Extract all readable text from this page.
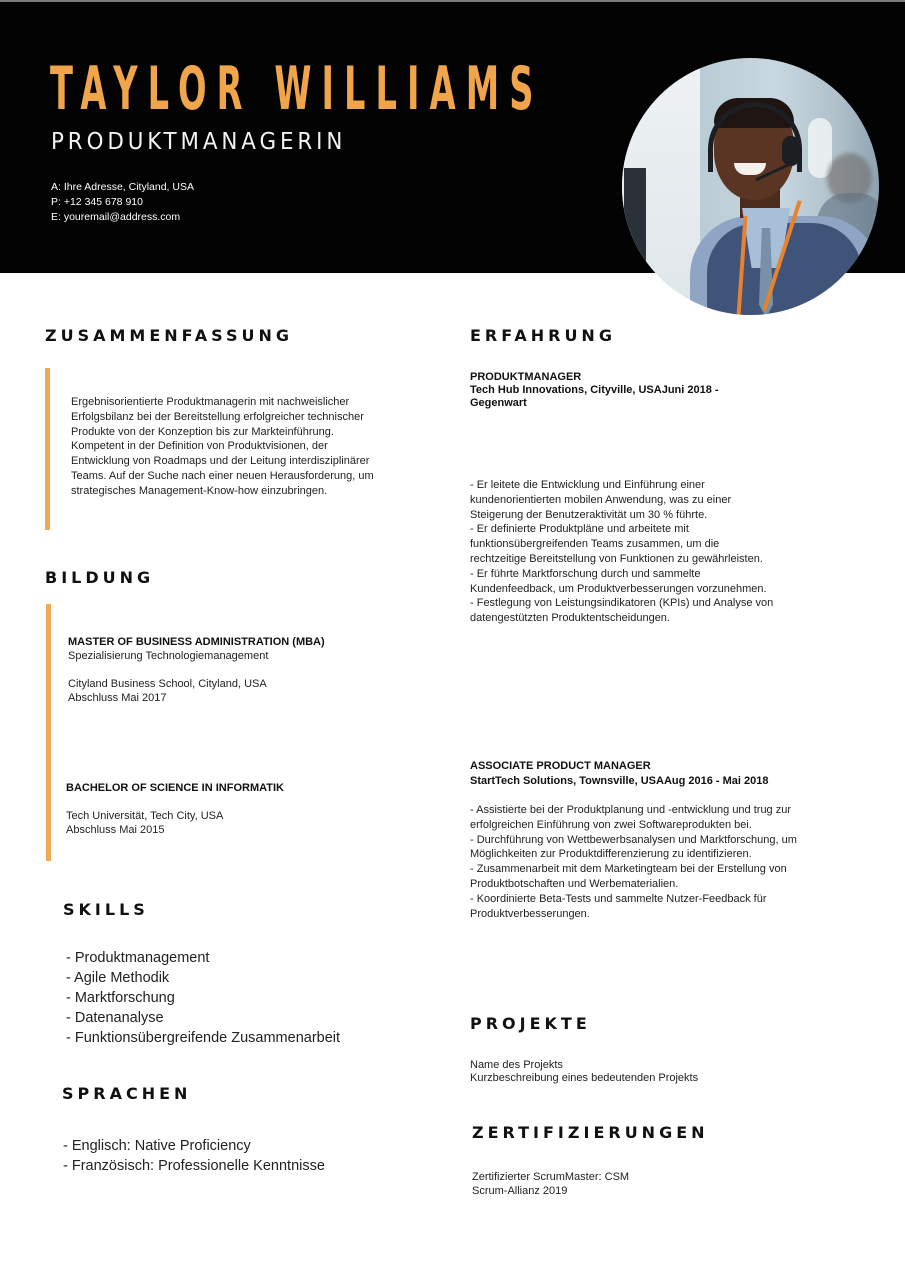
TAYLOR WILLIAMS
PRODUKTMANAGERIN
A: Ihre Adresse, Cityland, USA
P: +12 345 678 910
E: youremail@address.com
ZUSAMMENFASSUNG
Ergebnisorientierte Produktmanagerin mit nachweislicher
Erfolgsbilanz bei der Bereitstellung erfolgreicher technischer
Produkte von der Konzeption bis zur Markteinführung.
Kompetent in der Definition von Produktvisionen, der
Entwicklung von Roadmaps und der Leitung interdisziplinärer
Teams. Auf der Suche nach einer neuen Herausforderung, um
strategisches Management-Know-how einzubringen.
BILDUNG
MASTER OF BUSINESS ADMINISTRATION (MBA)
Spezialisierung Technologiemanagement
Cityland Business School, Cityland, USA
Abschluss Mai 2017
BACHELOR OF SCIENCE IN INFORMATIK
Tech Universität, Tech City, USA
Abschluss Mai 2015
SKILLS
- Produktmanagement
- Agile Methodik
- Marktforschung
- Datenanalyse
- Funktionsübergreifende Zusammenarbeit
SPRACHEN
- Englisch: Native Proficiency
- Französisch: Professionelle Kenntnisse
ERFAHRUNG
PRODUKTMANAGER
Tech Hub Innovations, Cityville, USAJuni 2018 -
Gegenwart
- Er leitete die Entwicklung und Einführung einer
kundenorientierten mobilen Anwendung, was zu einer
Steigerung der Benutzeraktivität um 30 % führte.
- Er definierte Produktpläne und arbeitete mit
funktionsübergreifenden Teams zusammen, um die
rechtzeitige Bereitstellung von Funktionen zu gewährleisten.
- Er führte Marktforschung durch und sammelte
Kundenfeedback, um Produktverbesserungen vorzunehmen.
- Festlegung von Leistungsindikatoren (KPIs) und Analyse von
datengestützten Produktentscheidungen.
ASSOCIATE PRODUCT MANAGER
StartTech Solutions, Townsville, USAAug 2016 - Mai 2018
- Assistierte bei der Produktplanung und -entwicklung und trug zur
erfolgreichen Einführung von zwei Softwareprodukten bei.
- Durchführung von Wettbewerbsanalysen und Marktforschung, um
Möglichkeiten zur Produktdifferenzierung zu identifizieren.
- Zusammenarbeit mit dem Marketingteam bei der Erstellung von
Produktbotschaften und Werbematerialien.
- Koordinierte Beta-Tests und sammelte Nutzer-Feedback für
Produktverbesserungen.
PROJEKTE
Name des Projekts
Kurzbeschreibung eines bedeutenden Projekts
ZERTIFIZIERUNGEN
Zertifizierter ScrumMaster: CSM
Scrum-Allianz 2019
